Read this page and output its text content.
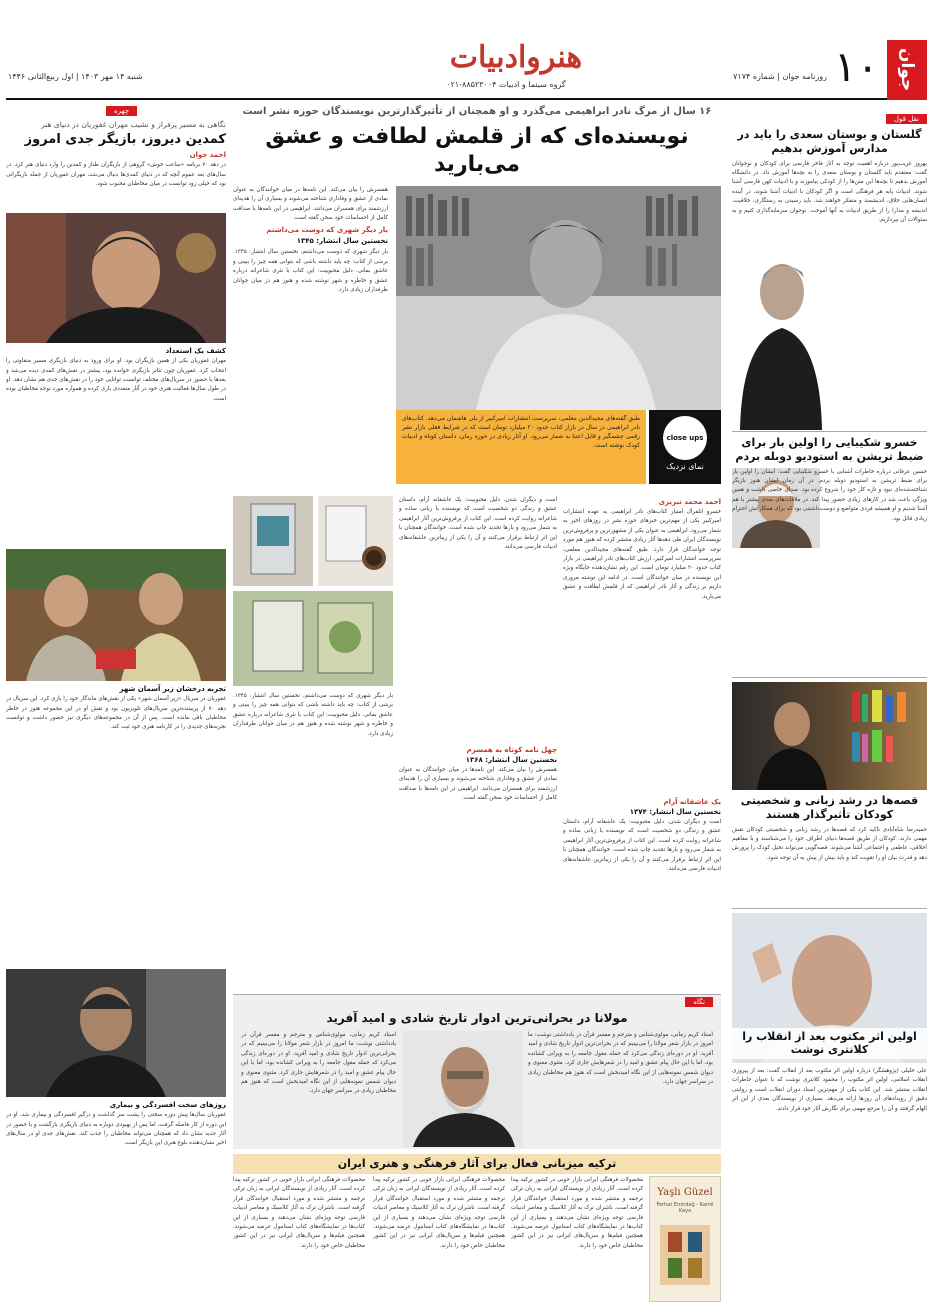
جوان
۱۰
روزنامه جوان | شماره ۷۱۷۴
هنروادبیات
گروه سینما و ادبیات ۸۸۵۲۳۰۰۴-۰۲۱
شنبه ۱۴ مهر ۱۴۰۳ | اول ربیع‌الثانی ۱۴۴۶
نقل قول
گلستان و بوستان سعدی را باید در مدارس آموزش بدهیم
بهروز غریب‌پور درباره اهمیت توجه به آثار فاخر فارسی برای کودکان و نوجوانان گفت: معتقدم باید گلستان و بوستان سعدی را به بچه‌ها آموزش داد. در دانشگاه آموزش بدهیم تا بچه‌ها این متن‌ها را از کودکی بیاموزند و با ادبیات کهن فارسی آشنا شوند. ادبیات پایه هر فرهنگی است و اگر کودکان با ادبیات آشنا شوند، در آینده انسان‌هایی خلاق، اندیشمند و متفکر خواهند شد. باید رسیدن به رستگاری، خلاقیت، اندیشه و مدارا را از طریق ادبیات به آنها آموخت. نوجوان سرمایه‌گذاری کنیم و به سئوالات آن بپردازیم.
خسرو شکیبایی را اولین بار برای ضبط تریشن به استودیو دوبله بردم
حسین عرفانی درباره خاطرات آشنایی با خسرو شکیبایی گفت: ایشان را اولین بار برای ضبط تریشن به استودیو دوبله بردم. در آن زمان ایشان هنوز بازیگر شناخته‌شده‌ای نبود و تازه کار خود را شروع کرده بود. صدای خاصی داشت و همین ویژگی باعث شد در کارهای زیادی حضور پیدا کند. در ملاقات‌های بعدی بیشتر با هم آشنا شدیم و او همیشه فردی متواضع و دوست‌داشتنی بود که برای همکارانش احترام زیادی قائل بود.
قصه‌ها در رشد زبانی و شخصیتی کودکان تأثیرگذار هستند
حمیدرضا شاه‌آبادی تأکید کرد که قصه‌ها در رشد زبانی و شخصیتی کودکان نقش مهمی دارند. کودکان از طریق قصه‌ها دنیای اطراف خود را می‌شناسند و با مفاهیم اخلاقی، عاطفی و اجتماعی آشنا می‌شوند. قصه‌گویی می‌تواند تخیل کودک را پرورش دهد و قدرت بیان او را تقویت کند و باید بیش از پیش به آن توجه شود.
اولین اثر مکتوب بعد از انقلاب را کلانتری نوشت
علی خلیلی (پژوهشگر) درباره اولین اثر مکتوب بعد از انقلاب گفت: بعد از پیروزی انقلاب اسلامی، اولین اثر مکتوب را محمود کلانتری نوشت که با عنوان خاطرات انقلاب منتشر شد. این کتاب یکی از مهم‌ترین اسناد دوران انقلاب است و روایتی دقیق از رویدادهای آن روزها ارائه می‌دهد. بسیاری از نویسندگان بعدی از این اثر الهام گرفتند و آن را مرجع مهمی برای نگارش آثار خود قرار دادند.
۱۶ سال از مرگ نادر ابراهیمی می‌گذرد و او همچنان از تأثیرگذارترین نویسندگان حوزه نشر است
نویسنده‌ای که از قلمش لطافت و عشق می‌بارید
طبق گفته‌های مجیدالدین معلمی، سرپرست انتشارات امیرکبیر از یلی هاشمان می‌دهد. کتاب‌های نادر ابراهیمی در سال در بازار کتاب حدود ۲۰ میلیارد تومان است که در شرایط فعلی بازار نشر رقمی چشمگیر و قابل اعتنا به شمار می‌رود. او آثار زیادی در حوزه رمان، داستان کوتاه و ادبیات کودک نوشته است.
close ups
نمای نزدیک
همسرش را بیان می‌کند. این نامه‌ها در میان خوانندگان به عنوان نمادی از عشق و وفاداری شناخته می‌شوند و بسیاری آن را هدیه‌ای ارزشمند برای همسران می‌دانند. ابراهیمی در این نامه‌ها با صداقت کامل از احساسات خود سخن گفته است.
بار دیگر شهری که دوست می‌داشتم
نخستین سال انتشار: ۱۳۴۵
بار دیگر شهری که دوست می‌داشتم، نخستین سال انتشار: ۱۳۴۵. برشی از کتاب: چه باید داشته باشی که بتوانی همه چیز را ببینی و عاشق بمانی. دلیل محبوبیت: این کتاب با نثری شاعرانه درباره عشق و خاطره و شهر نوشته شده و هنوز هم در میان جوانان طرفداران زیادی دارد.
احمد محمد تبریزی
خسرو اتلفرال امتیاز کتاب‌های نادر ابراهیمی به عهده انتشارات امیرکبیر یکی از مهم‌ترین خبرهای حوزه نشر در روزهای اخیر به شمار می‌رود. ابراهیمی به عنوان یکی از مشهورترین و پرفروش‌ترین نویسندگان ایران طی دهه‌ها آثار زیادی منتشر کرده که هنوز هم مورد توجه خوانندگان قرار دارد. طبق گفته‌های مجیدالدین معلمی، سرپرست انتشارات امیرکبیر، ارزش کتاب‌های نادر ابراهیمی در بازار کتاب حدود ۲۰ میلیارد تومان است. این رقم نشان‌دهنده جایگاه ویژه این نویسنده در میان خوانندگان است. در ادامه این نوشته مروری داریم بر زندگی و آثار نادر ابراهیمی که از قلمش لطافت و عشق می‌بارید.
یک عاشقانه آرام
نخستین سال انتشار: ۱۳۷۴
است و دیگران شدن. دلیل محبوبیت: یک عاشقانه آرام، داستان عشق و زندگی دو شخصیت است که نویسنده با زبانی ساده و شاعرانه روایت کرده است. این کتاب از پرفروش‌ترین آثار ابراهیمی به شمار می‌رود و بارها تجدید چاپ شده است. خوانندگان همچنان با این اثر ارتباط برقرار می‌کنند و آن را یکی از زیباترین عاشقانه‌های ادبیات فارسی می‌دانند.
است و دیگران شدن. دلیل محبوبیت: یک عاشقانه آرام، داستان عشق و زندگی دو شخصیت است که نویسنده با زبانی ساده و شاعرانه روایت کرده است. این کتاب از پرفروش‌ترین آثار ابراهیمی به شمار می‌رود و بارها تجدید چاپ شده است. خوانندگان همچنان با این اثر ارتباط برقرار می‌کنند و آن را یکی از زیباترین عاشقانه‌های ادبیات فارسی می‌دانند.
چهل نامه کوتاه به همسرم
نخستین سال انتشار: ۱۳۶۸
همسرش را بیان می‌کند. این نامه‌ها در میان خوانندگان به عنوان نمادی از عشق و وفاداری شناخته می‌شوند و بسیاری آن را هدیه‌ای ارزشمند برای همسران می‌دانند. ابراهیمی در این نامه‌ها با صداقت کامل از احساسات خود سخن گفته است.
بار دیگر شهری که دوست می‌داشتم، نخستین سال انتشار: ۱۳۴۵. برشی از کتاب: چه باید داشته باشی که بتوانی همه چیز را ببینی و عاشق بمانی. دلیل محبوبیت: این کتاب با نثری شاعرانه درباره عشق و خاطره و شهر نوشته شده و هنوز هم در میان جوانان طرفداران زیادی دارد.
نگاه
مولانا در بحرانی‌ترین ادوار تاریخ شادی و امید آفرید
استاد کریم زمانی، مولوی‌شناس و مترجم و مفسر قرآن در یادداشتی نوشت: ما امروز در بازار شعر مولانا را می‌بینیم که در بحرانی‌ترین ادوار تاریخ شادی و امید آفرید. او در دوره‌ای زندگی می‌کرد که حمله مغول جامعه را به ویرانی کشانده بود، اما با این حال پیام عشق و امید را در شعرهایش جاری کرد. مثنوی معنوی و دیوان شمس نمونه‌هایی از این نگاه امیدبخش است که هنوز هم مخاطبان زیادی در سراسر جهان دارد.
استاد کریم زمانی، مولوی‌شناس و مترجم و مفسر قرآن در یادداشتی نوشت: ما امروز در بازار شعر مولانا را می‌بینیم که در بحرانی‌ترین ادوار تاریخ شادی و امید آفرید. او در دوره‌ای زندگی می‌کرد که حمله مغول جامعه را به ویرانی کشانده بود، اما با این حال پیام عشق و امید را در شعرهایش جاری کرد. مثنوی معنوی و دیوان شمس نمونه‌هایی از این نگاه امیدبخش است که هنوز هم مخاطبان زیادی در سراسر جهان دارد.
ترکیه میزبانی فعال برای آثار فرهنگی و هنری ایران
Yaşlı Güzel
Ferhat Emirdağ - Kamil Kaya
محصولات فرهنگی ایرانی بازار خوبی در کشور ترکیه پیدا کرده است. آثار زیادی از نویسندگان ایرانی به زبان ترکی ترجمه و منتشر شده و مورد استقبال خوانندگان قرار گرفته است. ناشران ترک به آثار کلاسیک و معاصر ادبیات فارسی توجه ویژه‌ای نشان می‌دهند و بسیاری از این کتاب‌ها در نمایشگاه‌های کتاب استانبول عرضه می‌شوند. همچنین فیلم‌ها و سریال‌های ایرانی نیز در این کشور مخاطبان خاص خود را دارند.
محصولات فرهنگی ایرانی بازار خوبی در کشور ترکیه پیدا کرده است. آثار زیادی از نویسندگان ایرانی به زبان ترکی ترجمه و منتشر شده و مورد استقبال خوانندگان قرار گرفته است. ناشران ترک به آثار کلاسیک و معاصر ادبیات فارسی توجه ویژه‌ای نشان می‌دهند و بسیاری از این کتاب‌ها در نمایشگاه‌های کتاب استانبول عرضه می‌شوند. همچنین فیلم‌ها و سریال‌های ایرانی نیز در این کشور مخاطبان خاص خود را دارند.
محصولات فرهنگی ایرانی بازار خوبی در کشور ترکیه پیدا کرده است. آثار زیادی از نویسندگان ایرانی به زبان ترکی ترجمه و منتشر شده و مورد استقبال خوانندگان قرار گرفته است. ناشران ترک به آثار کلاسیک و معاصر ادبیات فارسی توجه ویژه‌ای نشان می‌دهند و بسیاری از این کتاب‌ها در نمایشگاه‌های کتاب استانبول عرضه می‌شوند. همچنین فیلم‌ها و سریال‌های ایرانی نیز در این کشور مخاطبان خاص خود را دارند.
چهره
نگاهی به مسیر پرفراز و نشیب مهران غفوریان در دنیای هنر
کمدین دیروز، بازیگر جدی امروز
احمد جوان
در دهه ۷۰ برنامه «ساعت خوش» گروهی از بازیگران طناز و کمدین را وارد دنیای هنر کرد. در سال‌های بعد عموم آنچه که در دنیای کمدی‌ها دنبال می‌شد، مهران غفوریان از جمله بازیگرانی بود که خیلی زود توانست در میان مخاطبان محبوب شود.
کشف یک استعداد
مهران غفوریان یکی از همین بازیگران بود. او برای ورود به دنیای بازیگری مسیر متفاوتی را انتخاب کرد. غفوریان چون تئاتر بازیگری خوانده بود، بیشتر در نقش‌های کمدی دیده می‌شد و بعدها با حضور در سریال‌های مختلف توانست توانایی خود را در نقش‌های جدی هم نشان دهد. او در طول سال‌ها فعالیت هنری خود در آثار متعددی بازی کرده و همواره مورد توجه مخاطبان بوده است.
تجربه درخشان زیر آسمان شهر
غفوریان در سریال «زیر آسمان شهر» یکی از نقش‌های ماندگار خود را بازی کرد. این سریال در دهه ۷۰ از پربیننده‌ترین سریال‌های تلویزیون بود و نقش او در این مجموعه هنوز در خاطر مخاطبان باقی مانده است. پس از آن در مجموعه‌های دیگری نیز حضور داشت و توانست تجربه‌های جدیدی را در کارنامه هنری خود ثبت کند.
روزهای سخت افسردگی و بیماری
غفوریان سال‌ها پیش دوره سختی را پشت سر گذاشت و درگیر افسردگی و بیماری شد. او در این دوره از کار فاصله گرفت، اما پس از بهبودی دوباره به دنیای بازیگری بازگشت و با حضور در آثار جدید نشان داد که همچنان می‌تواند مخاطبان را جذب کند. نقش‌های جدی او در سال‌های اخیر نشان‌دهنده بلوغ هنری این بازیگر است.
